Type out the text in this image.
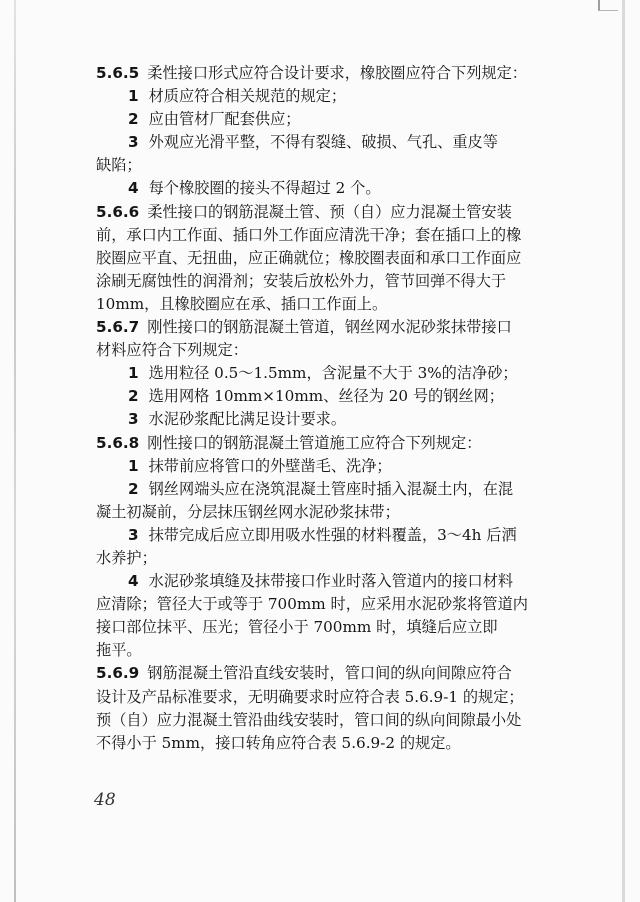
5.6.5 柔性接口形式应符合设计要求，橡胶圈应符合下列规定：
1 材质应符合相关规范的规定；
2 应由管材厂配套供应；
3 外观应光滑平整，不得有裂缝、破损、气孔、重皮等
缺陷；
4 每个橡胶圈的接头不得超过 2 个。
5.6.6 柔性接口的钢筋混凝土管、预（自）应力混凝土管安装
前，承口内工作面、插口外工作面应清洗干净；套在插口上的橡
胶圈应平直、无扭曲，应正确就位；橡胶圈表面和承口工作面应
涂刷无腐蚀性的润滑剂；安装后放松外力，管节回弹不得大于
10mm，且橡胶圈应在承、插口工作面上。
5.6.7 刚性接口的钢筋混凝土管道，钢丝网水泥砂浆抹带接口
材料应符合下列规定：
1 选用粒径 0.5～1.5mm，含泥量不大于 3%的洁净砂；
2 选用网格 10mm×10mm、丝径为 20 号的钢丝网；
3 水泥砂浆配比满足设计要求。
5.6.8 刚性接口的钢筋混凝土管道施工应符合下列规定：
1 抹带前应将管口的外壁凿毛、洗净；
2 钢丝网端头应在浇筑混凝土管座时插入混凝土内，在混
凝土初凝前，分层抹压钢丝网水泥砂浆抹带；
3 抹带完成后应立即用吸水性强的材料覆盖，3～4h 后洒
水养护；
4 水泥砂浆填缝及抹带接口作业时落入管道内的接口材料
应清除；管径大于或等于 700mm 时，应采用水泥砂浆将管道内
接口部位抹平、压光；管径小于 700mm 时，填缝后应立即
拖平。
5.6.9 钢筋混凝土管沿直线安装时，管口间的纵向间隙应符合
设计及产品标准要求，无明确要求时应符合表 5.6.9-1 的规定；
预（自）应力混凝土管沿曲线安装时，管口间的纵向间隙最小处
不得小于 5mm，接口转角应符合表 5.6.9-2 的规定。
48
